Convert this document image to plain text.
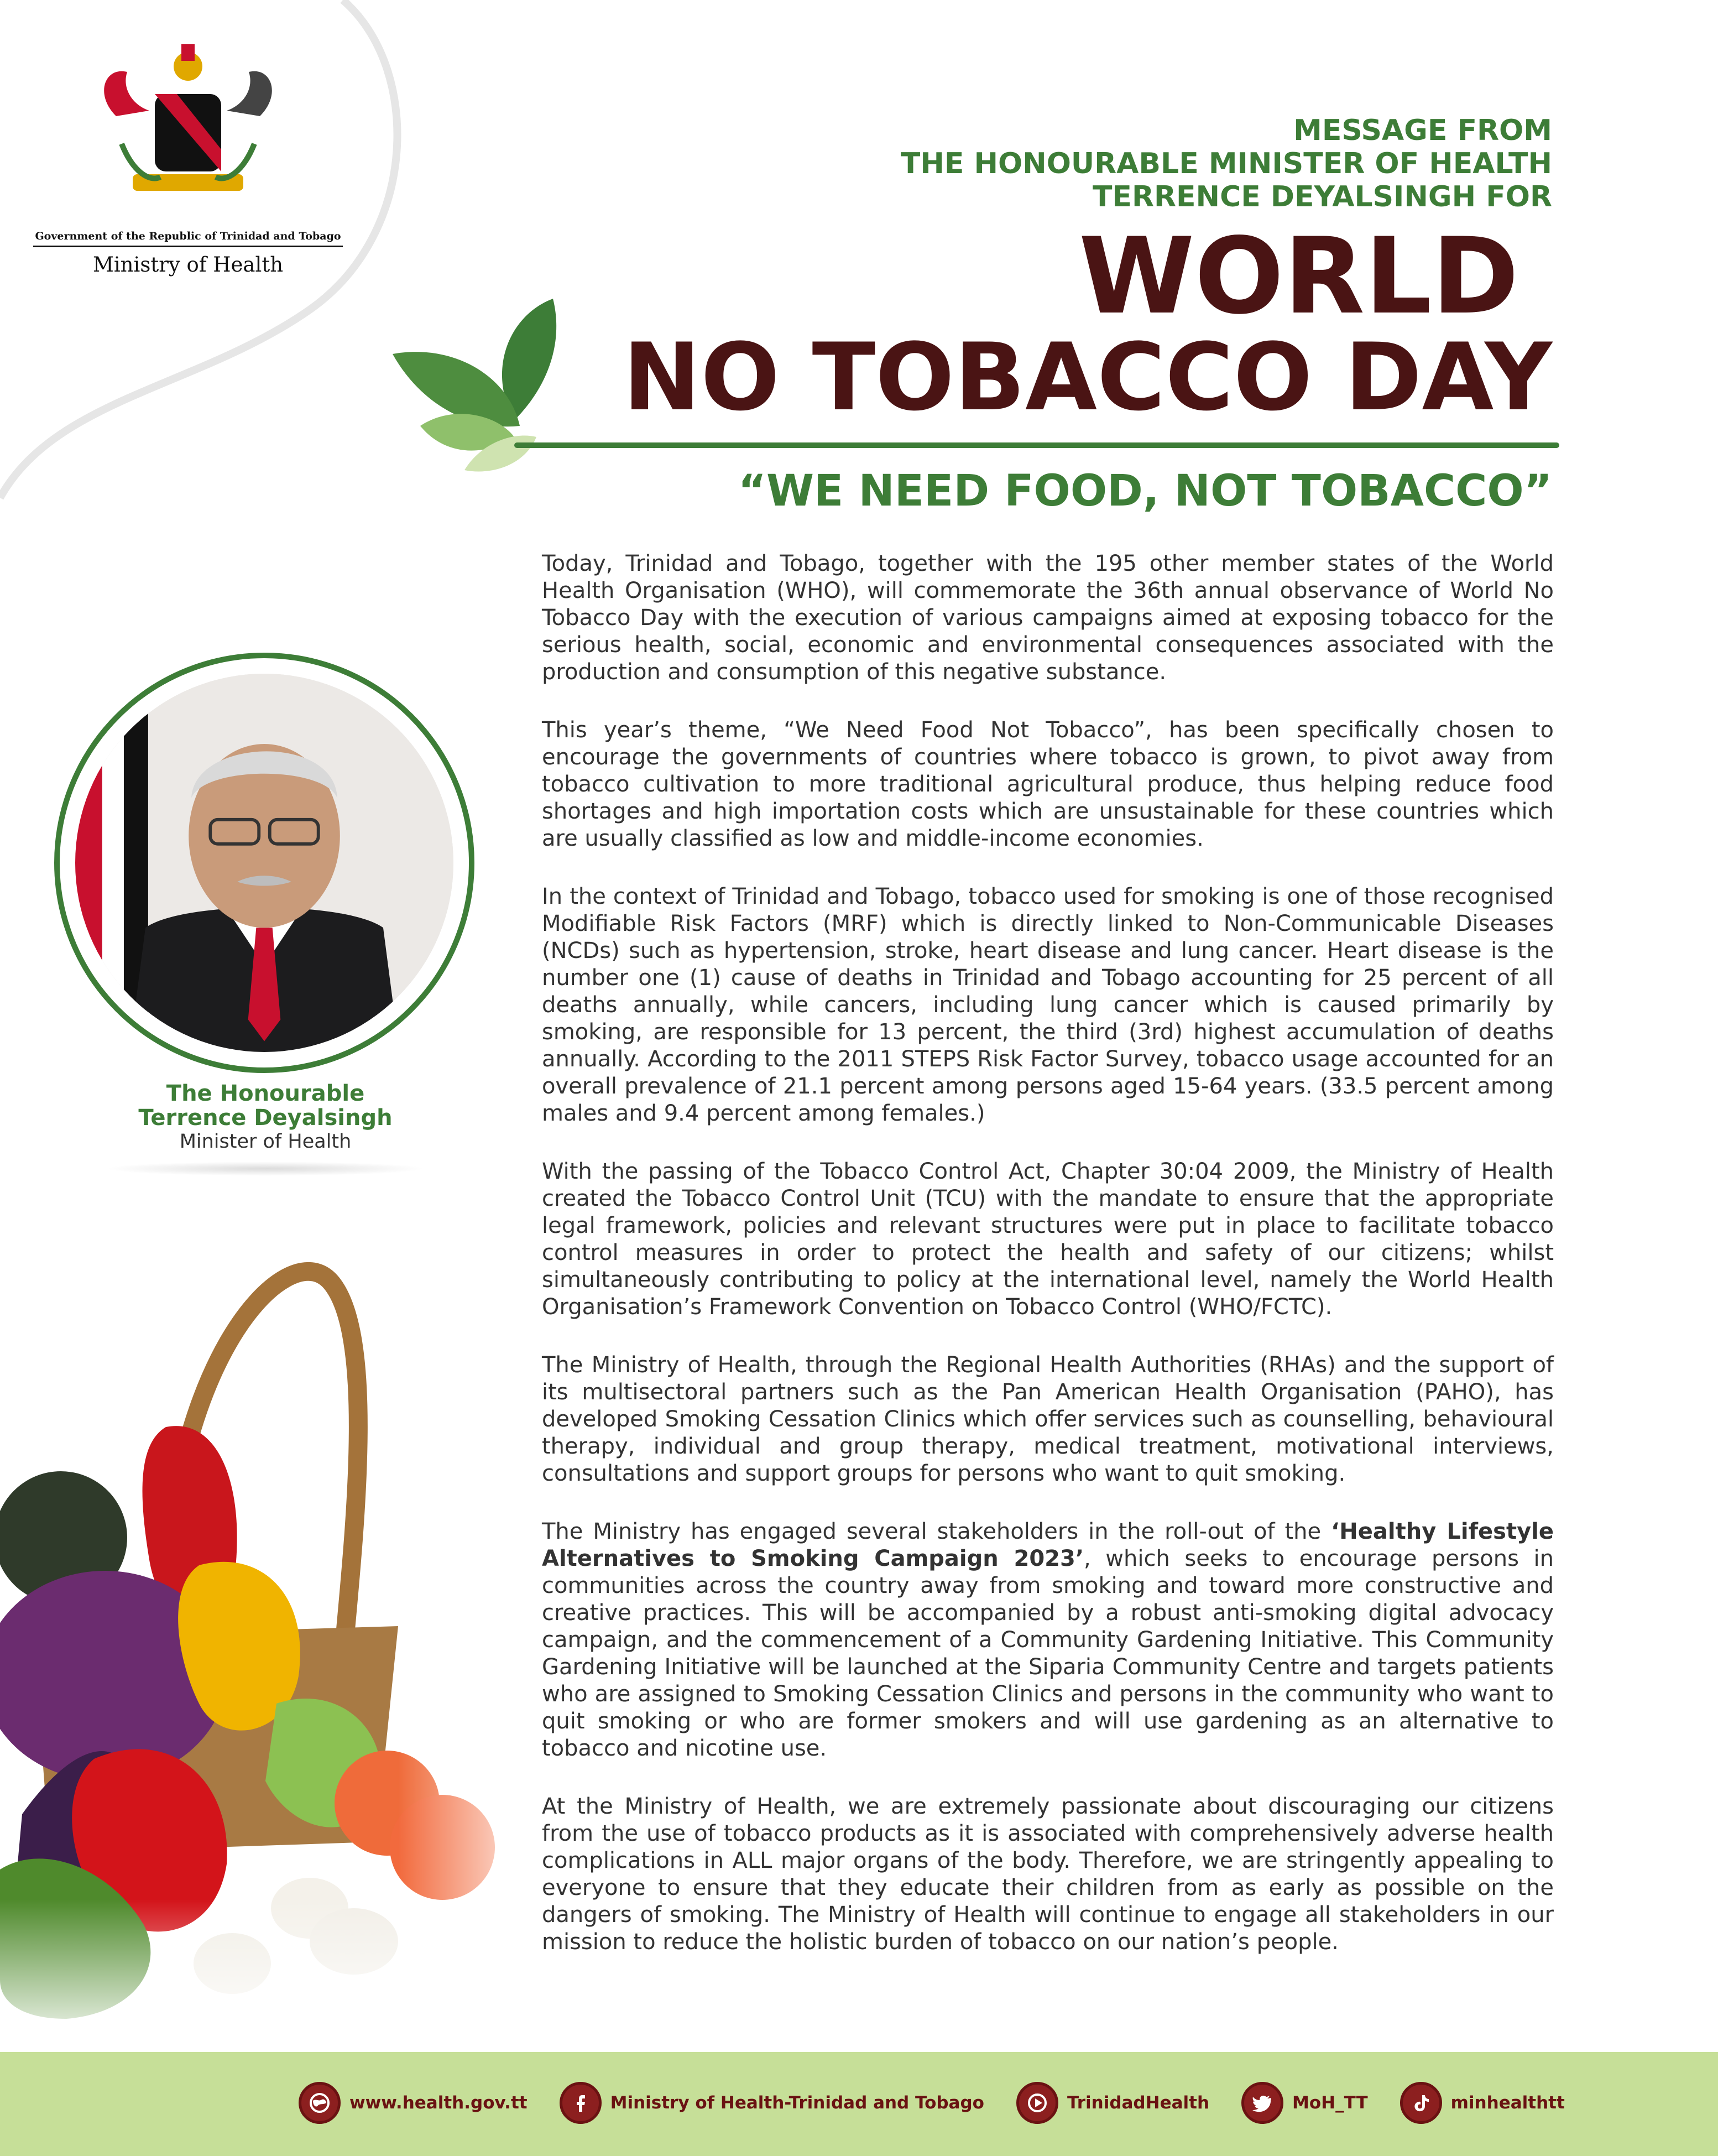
Government of the Republic of Trinidad and Tobago
Ministry of Health
MESSAGE FROM
THE HONOURABLE MINISTER OF HEALTH
TERRENCE DEYALSINGH FOR
WORLD
NO TOBACCO DAY
“WE NEED FOOD, NOT TOBACCO”
The Honourable
Terrence Deyalsingh
Minister of Health

Today, Trinidad and Tobago, together with the 195 other member states of the World Health Organisation (WHO), will commemorate the 36th annual observance of World No Tobacco Day with the execution of various campaigns aimed at exposing tobacco for the serious health, social, economic and environmental consequences associated with the production and consumption of this negative substance.

This year’s theme, “We Need Food Not Tobacco”, has been specifically chosen to encourage the governments of countries where tobacco is grown, to pivot away from tobacco cultivation to more traditional agricultural produce, thus helping reduce food shortages and high importation costs which are unsustainable for these countries which are usually classified as low and middle-income economies.

In the context of Trinidad and Tobago, tobacco used for smoking is one of those recognised Modifiable Risk Factors (MRF) which is directly linked to Non-Communicable Diseases (NCDs) such as hypertension, stroke, heart disease and lung cancer. Heart disease is the number one (1) cause of deaths in Trinidad and Tobago accounting for 25 percent of all deaths annually, while cancers, including lung cancer which is caused primarily by smoking, are responsible for 13 percent, the third (3rd) highest accumulation of deaths annually. According to the 2011 STEPS Risk Factor Survey, tobacco usage accounted for an overall prevalence of 21.1 percent among persons aged 15-64 years. (33.5 percent among males and 9.4 percent among females.)

With the passing of the Tobacco Control Act, Chapter 30:04 2009, the Ministry of Health created the Tobacco Control Unit (TCU) with the mandate to ensure that the appropriate legal framework, policies and relevant structures were put in place to facilitate tobacco control measures in order to protect the health and safety of our citizens; whilst simultaneously contributing to policy at the international level, namely the World Health Organisation’s Framework Convention on Tobacco Control (WHO/FCTC).

The Ministry of Health, through the Regional Health Authorities (RHAs) and the support of its multisectoral partners such as the Pan American Health Organisation (PAHO), has developed Smoking Cessation Clinics which offer services such as counselling, behavioural therapy, individual and group therapy, medical treatment, motivational interviews, consultations and support groups for persons who want to quit smoking.

The Ministry has engaged several stakeholders in the roll-out of the ‘Healthy Lifestyle Alternatives to Smoking Campaign 2023’, which seeks to encourage persons in communities across the country away from smoking and toward more constructive and creative practices. This will be accompanied by a robust anti-smoking digital advocacy campaign, and the commencement of a Community Gardening Initiative. This Community Gardening Initiative will be launched at the Siparia Community Centre and targets patients who are assigned to Smoking Cessation Clinics and persons in the community who want to quit smoking or who are former smokers and will use gardening as an alternative to tobacco and nicotine use.

At the Ministry of Health, we are extremely passionate about discouraging our citizens from the use of tobacco products as it is associated with comprehensively adverse health complications in ALL major organs of the body. Therefore, we are stringently appealing to everyone to ensure that they educate their children from as early as possible on the dangers of smoking. The Ministry of Health will continue to engage all stakeholders in our mission to reduce the holistic burden of tobacco on our nation’s people.

www.health.gov.tt	Ministry of Health-Trinidad and Tobago	TrinidadHealth	MoH_TT	minhealthtt
